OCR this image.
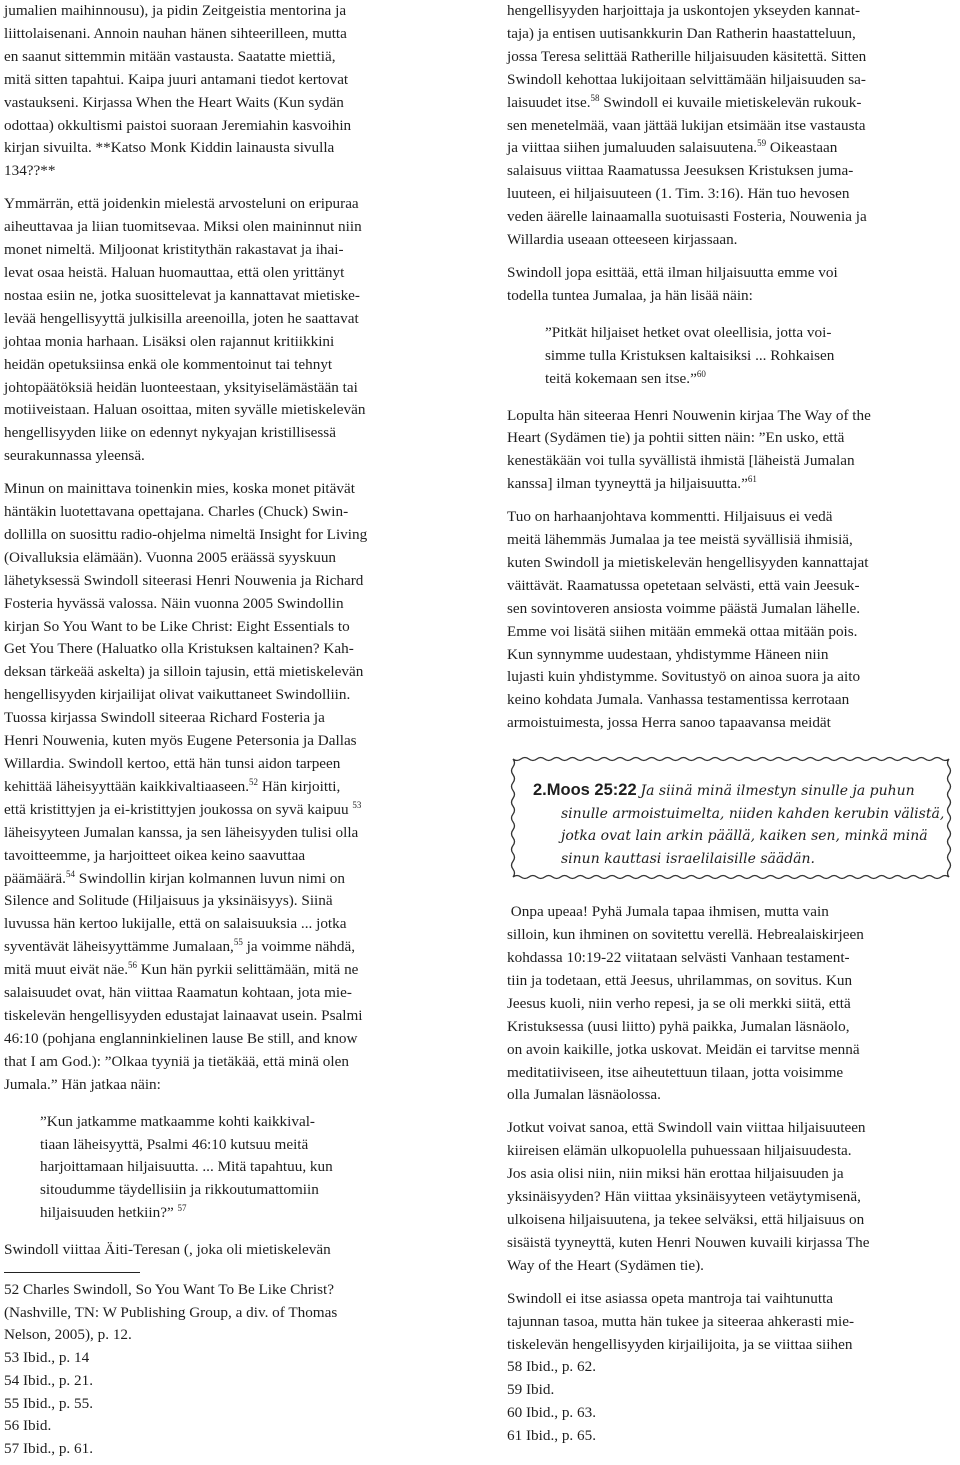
jumalien maihinnousu), ja pidin Zeitgeistia mentorina ja
liittolaisenani. Annoin nauhan hänen sihteerilleen, mutta
en saanut sittemmin mitään vastausta. Saatatte miettiä,
mitä sitten tapahtui. Kaipa juuri antamani tiedot kertovat
vastaukseni. Kirjassa When the Heart Waits (Kun sydän
odottaa) okkultismi paistoi suoraan Jeremiahin kasvoihin
kirjan sivuilta. **Katso Monk Kiddin lainausta sivulla
134??**

Ymmärrän, että joidenkin mielestä arvosteluni on eripuraa
aiheuttavaa ja liian tuomitsevaa. Miksi olen maininnut niin
monet nimeltä. Miljoonat kristitythän rakastavat ja ihai-
levat osaa heistä. Haluan huomauttaa, että olen yrittänyt
nostaa esiin ne, jotka suosittelevat ja kannattavat mietiske-
levää hengellisyyttä julkisilla areenoilla, joten he saattavat
johtaa monia harhaan. Lisäksi olen rajannut kritiikkini
heidän opetuksiinsa enkä ole kommentoinut tai tehnyt
johtopäätöksiä heidän luonteestaan, yksityiselämästään tai
motiiveistaan. Haluan osoittaa, miten syvälle mietiskelevän
hengellisyyden liike on edennyt nykyajan kristillisessä
seurakunnassa yleensä.

Minun on mainittava toinenkin mies, koska monet pitävät
häntäkin luotettavana opettajana. Charles (Chuck) Swin-
dollilla on suosittu radio-ohjelma nimeltä Insight for Living
(Oivalluksia elämään). Vuonna 2005 eräässä syyskuun
lähetyksessä Swindoll siteerasi Henri Nouwenia ja Richard
Fosteria hyvässä valossa. Näin vuonna 2005 Swindollin
kirjan So You Want to be Like Christ: Eight Essentials to
Get You There (Haluatko olla Kristuksen kaltainen? Kah-
deksan tärkeää askelta) ja silloin tajusin, että mietiskelevän
hengellisyyden kirjailijat olivat vaikuttaneet Swindolliin.
Tuossa kirjassa Swindoll siteeraa Richard Fosteria ja
Henri Nouwenia, kuten myös Eugene Petersonia ja Dallas
Willardia. Swindoll kertoo, että hän tunsi aidon tarpeen
kehittää läheisyyttään kaikkivaltiaaseen.$^{52}$ Hän kirjoitti,
että kristittyjen ja ei-kristittyjen joukossa on syvä kaipuu $^{53}$
läheisyyteen Jumalan kanssa, ja sen läheisyyden tulisi olla
tavoitteemme, ja harjoitteet oikea keino saavuttaa
päämäärä.$^{54}$ Swindollin kirjan kolmannen luvun nimi on
Silence and Solitude (Hiljaisuus ja yksinäisyys). Siinä
luvussa hän kertoo lukijalle, että on salaisuuksia ... jotka
syventävät läheisyyttämme Jumalaan,$^{55}$ ja voimme nähdä,
mitä muut eivät näe.$^{56}$ Kun hän pyrkii selittämään, mitä ne
salaisuudet ovat, hän viittaa Raamatun kohtaan, jota mie-
tiskelevän hengellisyyden edustajat lainaavat usein. Psalmi
46:10 (pohjana englanninkielinen lause Be still, and know
that I am God.): ”Olkaa tyyniä ja tietäkää, että minä olen
Jumala.” Hän jatkaa näin:

”Kun jatkamme matkaamme kohti kaikkival-
tiaan läheisyyttä, Psalmi 46:10 kutsuu meitä
harjoittamaan hiljaisuutta. ... Mitä tapahtuu, kun
sitoudumme täydellisiin ja rikkoutumattomiin
hiljaisuuden hetkiin?” $^{57}$

Swindoll viittaa Äiti-Teresan (, joka oli mietiskelevän

52 Charles Swindoll, So You Want To Be Like Christ?

(Nashville, TN: W Publishing Group, a div. of Thomas

Nelson, 2005), p. 12.

53 Ibid., p. 14

54 Ibid., p. 21.

55 Ibid., p. 55.

56 Ibid.

57 Ibid., p. 61.

hengellisyyden harjoittaja ja uskontojen ykseyden kannat-
taja) ja entisen uutisankkurin Dan Ratherin haastatteluun,
jossa Teresa selittää Ratherille hiljaisuuden käsitettä. Sitten
Swindoll kehottaa lukijoitaan selvittämään hiljaisuuden sa-
laisuudet itse.$^{58}$ Swindoll ei kuvaile mietiskelevän rukouk-
sen menetelmää, vaan jättää lukijan etsimään itse vastausta
ja viittaa siihen jumaluuden salaisuutena.$^{59}$ Oikeastaan
salaisuus viittaa Raamatussa Jeesuksen Kristuksen juma-
luuteen, ei hiljaisuuteen (1. Tim. 3:16). Hän tuo hevosen
veden äärelle lainaamalla suotuisasti Fosteria, Nouwenia ja
Willardia useaan otteeseen kirjassaan.

Swindoll jopa esittää, että ilman hiljaisuutta emme voi
todella tuntea Jumalaa, ja hän lisää näin:

”Pitkät hiljaiset hetket ovat oleellisia, jotta voi-
simme tulla Kristuksen kaltaisiksi ... Rohkaisen
teitä kokemaan sen itse.”$^{60}$

Lopulta hän siteeraa Henri Nouwenin kirjaa The Way of the
Heart (Sydämen tie) ja pohtii sitten näin: ”En usko, että
kenestäkään voi tulla syvällistä ihmistä [läheistä Jumalan
kanssa] ilman tyyneyttä ja hiljaisuutta.”$^{61}$

Tuo on harhaanjohtava kommentti. Hiljaisuus ei vedä
meitä lähemmäs Jumalaa ja tee meistä syvällisiä ihmisiä,
kuten Swindoll ja mietiskelevän hengellisyyden kannattajat
väittävät. Raamatussa opetetaan selvästi, että vain Jeesuk-
sen sovintoveren ansiosta voimme päästä Jumalan lähelle.
Emme voi lisätä siihen mitään emmekä ottaa mitään pois.
Kun synnymme uudestaan, yhdistymme Häneen niin
lujasti kuin yhdistymme. Sovitustyö on ainoa suora ja aito
keino kohdata Jumala. Vanhassa testamentissa kerrotaan
armoistuimesta, jossa Herra sanoo tapaavansa meidät

2.Moos 25:22 Ja siinä minä ilmestyn sinulle ja puhun
sinulle armoistuimelta, niiden kahden kerubin välistä,
jotka ovat lain arkin päällä, kaiken sen, minkä minä
sinun kauttasi israelilaisille säädän.

Onpa upeaa! Pyhä Jumala tapaa ihmisen, mutta vain
silloin, kun ihminen on sovitettu verellä. Hebrealaiskirjeen
kohdassa 10:19-22 viitataan selvästi Vanhaan testament-
tiin ja todetaan, että Jeesus, uhrilammas, on sovitus. Kun
Jeesus kuoli, niin verho repesi, ja se oli merkki siitä, että
Kristuksessa (uusi liitto) pyhä paikka, Jumalan läsnäolo,
on avoin kaikille, jotka uskovat. Meidän ei tarvitse mennä
meditatiiviseen, itse aiheutettuun tilaan, jotta voisimme
olla Jumalan läsnäolossa.

Jotkut voivat sanoa, että Swindoll vain viittaa hiljaisuuteen
kiireisen elämän ulkopuolella puhuessaan hiljaisuudesta.
Jos asia olisi niin, niin miksi hän erottaa hiljaisuuden ja
yksinäisyyden? Hän viittaa yksinäisyyteen vetäytymisenä,
ulkoisena hiljaisuutena, ja tekee selväksi, että hiljaisuus on
sisäistä tyyneyttä, kuten Henri Nouwen kuvaili kirjassa The
Way of the Heart (Sydämen tie).

Swindoll ei itse asiassa opeta mantroja tai vaihtunutta
tajunnan tasoa, mutta hän tukee ja siteeraa ahkerasti mie-
tiskelevän hengellisyyden kirjailijoita, ja se viittaa siihen

58 Ibid., p. 62.

59 Ibid.

60 Ibid., p. 63.

61 Ibid., p. 65.
